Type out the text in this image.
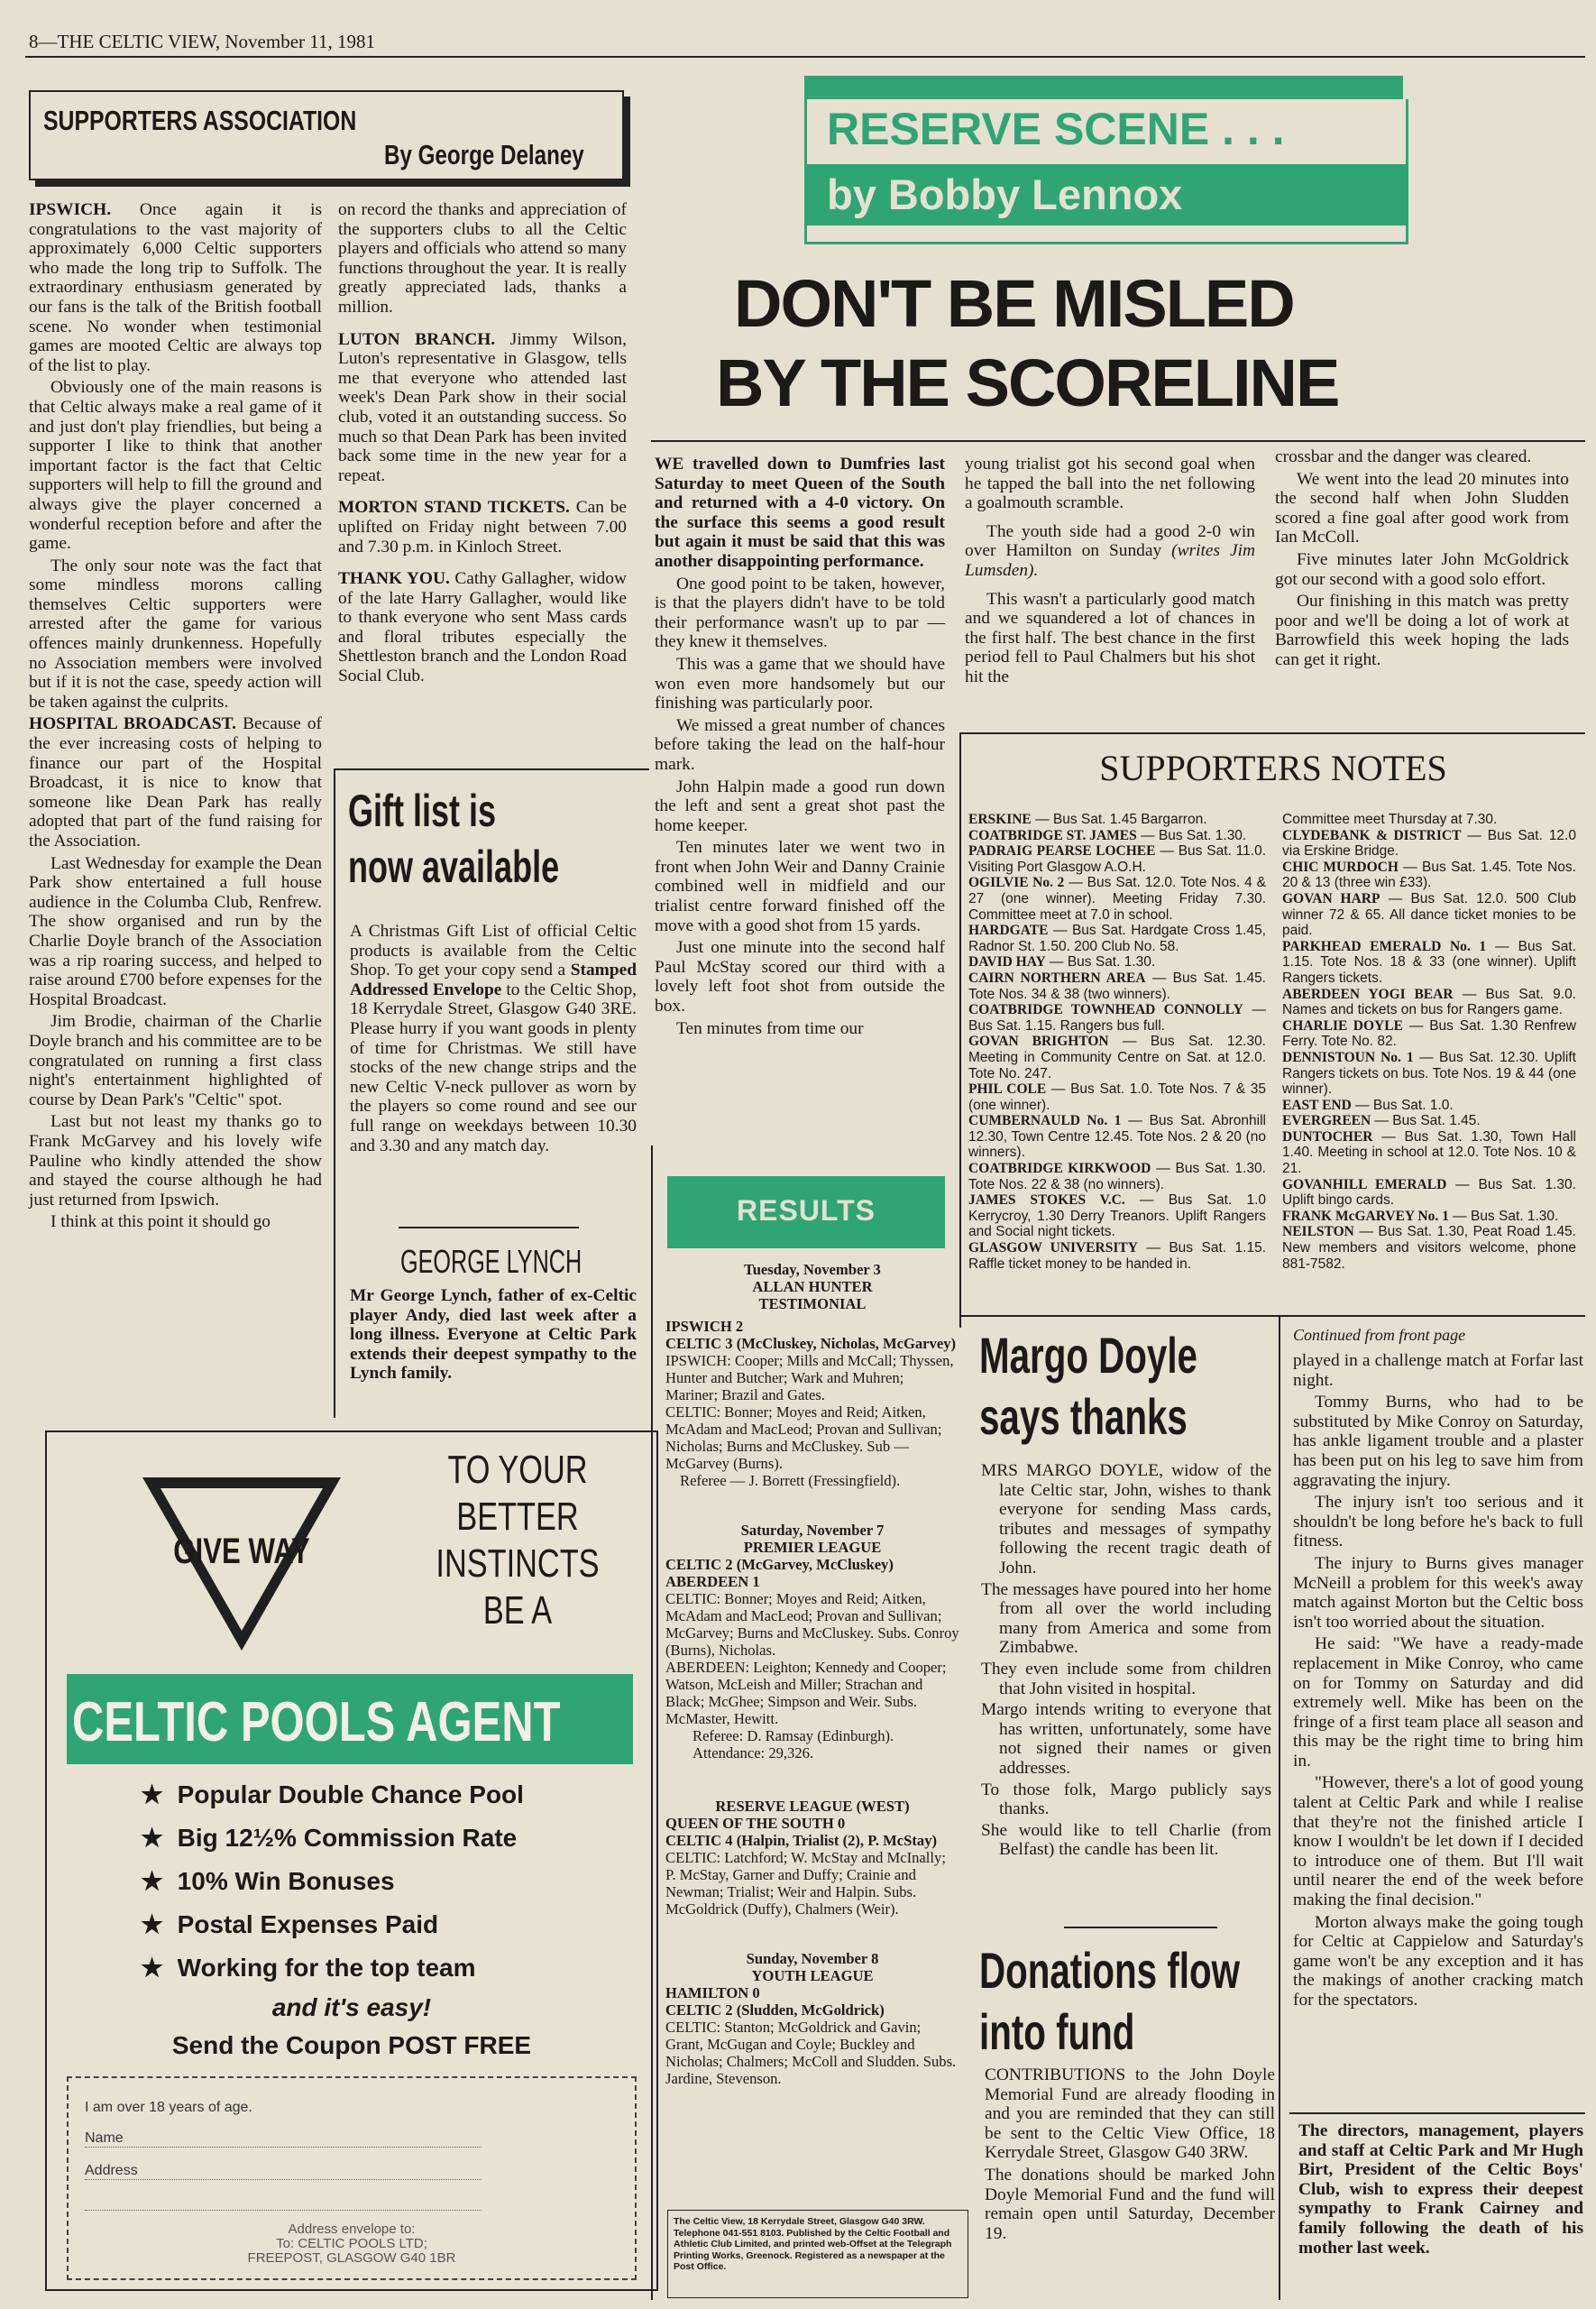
8—THE CELTIC VIEW, November 11, 1981
SUPPORTERS ASSOCIATION
By George Delaney

IPSWICH. Once again it is congratulations to the vast majority of approximately 6,000 Celtic supporters who made the long trip to Suffolk. The extraordinary enthusiasm generated by our fans is the talk of the British football scene. No wonder when testimonial games are mooted Celtic are always top of the list to play.

Obviously one of the main reasons is that Celtic always make a real game of it and just don't play friendlies, but being a supporter I like to think that another important factor is the fact that Celtic supporters will help to fill the ground and always give the player concerned a wonderful reception before and after the game.

The only sour note was the fact that some mindless morons calling themselves Celtic supporters were arrested after the game for various offences mainly drunkenness. Hopefully no Association members were involved but if it is not the case, speedy action will be taken against the culprits.

HOSPITAL BROADCAST. Because of the ever increasing costs of helping to finance our part of the Hospital Broadcast, it is nice to know that someone like Dean Park has really adopted that part of the fund raising for the Association.

Last Wednesday for example the Dean Park show entertained a full house audience in the Columba Club, Renfrew. The show organised and run by the Charlie Doyle branch of the Association was a rip roaring success, and helped to raise around £700 before expenses for the Hospital Broadcast.

Jim Brodie, chairman of the Charlie Doyle branch and his committee are to be congratulated on running a first class night's entertainment highlighted of course by Dean Park's "Celtic" spot.

Last but not least my thanks go to Frank McGarvey and his lovely wife Pauline who kindly attended the show and stayed the course although he had just returned from Ipswich.

I think at this point it should go

on record the thanks and appreciation of the supporters clubs to all the Celtic players and officials who attend so many functions throughout the year. It is really greatly appreciated lads, thanks a million.

LUTON BRANCH. Jimmy Wilson, Luton's representative in Glasgow, tells me that everyone who attended last week's Dean Park show in their social club, voted it an outstanding success. So much so that Dean Park has been invited back some time in the new year for a repeat.

MORTON STAND TICKETS. Can be uplifted on Friday night between 7.00 and 7.30 p.m. in Kinloch Street.

THANK YOU. Cathy Gallagher, widow of the late Harry Gallagher, would like to thank everyone who sent Mass cards and floral tributes especially the Shettleston branch and the London Road Social Club.

Gift list is
now available

A Christmas Gift List of official Celtic products is available from the Celtic Shop. To get your copy send a Stamped Addressed Envelope to the Celtic Shop, 18 Kerrydale Street, Glasgow G40 3RE. Please hurry if you want goods in plenty of time for Christmas. We still have stocks of the new change strips and the new Celtic V-neck pullover as worn by the players so come round and see our full range on weekdays between 10.30 and 3.30 and any match day.

GEORGE LYNCH

Mr George Lynch, father of ex-Celtic player Andy, died last week after a long illness. Everyone at Celtic Park extends their deepest sympathy to the Lynch family.

GIVE WAY
TO YOUR
BETTER
INSTINCTS
BE A
CELTIC POOLS AGENT
★ Popular Double Chance Pool
★ Big 12½% Commission Rate
★ 10% Win Bonuses
★ Postal Expenses Paid
★ Working for the top team
and it's easy!
Send the Coupon POST FREE
I am over 18 years of age.
Name
Address
Address envelope to:
To: CELTIC POOLS LTD;
FREEPOST, GLASGOW G40 1BR
RESERVE SCENE . . .
by Bobby Lennox
DON'T BE MISLED
BY THE SCORELINE

WE travelled down to Dumfries last Saturday to meet Queen of the South and returned with a 4-0 victory. On the surface this seems a good result but again it must be said that this was another disappointing performance.

One good point to be taken, however, is that the players didn't have to be told their performance wasn't up to par — they knew it themselves.

This was a game that we should have won even more handsomely but our finishing was particularly poor.

We missed a great number of chances before taking the lead on the half-hour mark.

John Halpin made a good run down the left and sent a great shot past the home keeper.

Ten minutes later we went two in front when John Weir and Danny Crainie combined well in midfield and our trialist centre forward finished off the move with a good shot from 15 yards.

Just one minute into the second half Paul McStay scored our third with a lovely left foot shot from outside the box.

Ten minutes from time our

young trialist got his second goal when he tapped the ball into the net following a goalmouth scramble.

The youth side had a good 2-0 win over Hamilton on Sunday (writes Jim Lumsden).

This wasn't a particularly good match and we squandered a lot of chances in the first half. The best chance in the first period fell to Paul Chalmers but his shot hit the

crossbar and the danger was cleared.

We went into the lead 20 minutes into the second half when John Sludden scored a fine goal after good work from Ian McColl.

Five minutes later John McGoldrick got our second with a good solo effort.

Our finishing in this match was pretty poor and we'll be doing a lot of work at Barrowfield this week hoping the lads can get it right.

RESULTS
Tuesday, November 3
ALLAN HUNTER
TESTIMONIAL
IPSWICH 2
CELTIC 3 (McCluskey, Nicholas, McGarvey)
IPSWICH: Cooper; Mills and McCall; Thyssen, Hunter and Butcher; Wark and Muhren; Mariner; Brazil and Gates.
CELTIC: Bonner; Moyes and Reid; Aitken, McAdam and MacLeod; Provan and Sullivan; Nicholas; Burns and McCluskey. Sub — McGarvey (Burns).
Referee — J. Borrett (Fressingfield).
Saturday, November 7
PREMIER LEAGUE
CELTIC 2 (McGarvey, McCluskey)
ABERDEEN 1
CELTIC: Bonner; Moyes and Reid; Aitken, McAdam and MacLeod; Provan and Sullivan; McGarvey; Burns and McCluskey. Subs. Conroy (Burns), Nicholas.
ABERDEEN: Leighton; Kennedy and Cooper; Watson, McLeish and Miller; Strachan and Black; McGhee; Simpson and Weir. Subs. McMaster, Hewitt.
Referee: D. Ramsay (Edinburgh).
Attendance: 29,326.
RESERVE LEAGUE (WEST)
QUEEN OF THE SOUTH 0
CELTIC 4 (Halpin, Trialist (2), P. McStay)
CELTIC: Latchford; W. McStay and McInally; P. McStay, Garner and Duffy; Crainie and Newman; Trialist; Weir and Halpin. Subs. McGoldrick (Duffy), Chalmers (Weir).
Sunday, November 8
YOUTH LEAGUE
HAMILTON 0
CELTIC 2 (Sludden, McGoldrick)
CELTIC: Stanton; McGoldrick and Gavin; Grant, McGugan and Coyle; Buckley and Nicholas; Chalmers; McColl and Sludden. Subs. Jardine, Stevenson.
The Celtic View, 18 Kerrydale Street, Glasgow G40 3RW. Telephone 041-551 8103. Published by the Celtic Football and Athletic Club Limited, and printed web-Offset at the Telegraph Printing Works, Greenock. Registered as a newspaper at the Post Office.
SUPPORTERS NOTES

ERSKINE — Bus Sat. 1.45 Bargarron.

COATBRIDGE ST. JAMES — Bus Sat. 1.30.

PADRAIG PEARSE LOCHEE — Bus Sat. 11.0. Visiting Port Glasgow A.O.H.

OGILVIE No. 2 — Bus Sat. 12.0. Tote Nos. 4 & 27 (one winner). Meeting Friday 7.30. Committee meet at 7.0 in school.

HARDGATE — Bus Sat. Hardgate Cross 1.45, Radnor St. 1.50. 200 Club No. 58.

DAVID HAY — Bus Sat. 1.30.

CAIRN NORTHERN AREA — Bus Sat. 1.45. Tote Nos. 34 & 38 (two winners).

COATBRIDGE TOWNHEAD CONNOLLY — Bus Sat. 1.15. Rangers bus full.

GOVAN BRIGHTON — Bus Sat. 12.30. Meeting in Community Centre on Sat. at 12.0. Tote No. 247.

PHIL COLE — Bus Sat. 1.0. Tote Nos. 7 & 35 (one winner).

CUMBERNAULD No. 1 — Bus Sat. Abronhill 12.30, Town Centre 12.45. Tote Nos. 2 & 20 (no winners).

COATBRIDGE KIRKWOOD — Bus Sat. 1.30. Tote Nos. 22 & 38 (no winners).

JAMES STOKES V.C. — Bus Sat. 1.0 Kerrycroy, 1.30 Derry Treanors. Uplift Rangers and Social night tickets.

GLASGOW UNIVERSITY — Bus Sat. 1.15. Raffle ticket money to be handed in.

Committee meet Thursday at 7.30.

CLYDEBANK & DISTRICT — Bus Sat. 12.0 via Erskine Bridge.

CHIC MURDOCH — Bus Sat. 1.45. Tote Nos. 20 & 13 (three win £33).

GOVAN HARP — Bus Sat. 12.0. 500 Club winner 72 & 65. All dance ticket monies to be paid.

PARKHEAD EMERALD No. 1 — Bus Sat. 1.15. Tote Nos. 18 & 33 (one winner). Uplift Rangers tickets.

ABERDEEN YOGI BEAR — Bus Sat. 9.0. Names and tickets on bus for Rangers game.

CHARLIE DOYLE — Bus Sat. 1.30 Renfrew Ferry. Tote No. 82.

DENNISTOUN No. 1 — Bus Sat. 12.30. Uplift Rangers tickets on bus. Tote Nos. 19 & 44 (one winner).

EAST END — Bus Sat. 1.0.

EVERGREEN — Bus Sat. 1.45.

DUNTOCHER — Bus Sat. 1.30, Town Hall 1.40. Meeting in school at 12.0. Tote Nos. 10 & 21.

GOVANHILL EMERALD — Bus Sat. 1.30. Uplift bingo cards.

FRANK McGARVEY No. 1 — Bus Sat. 1.30.

NEILSTON — Bus Sat. 1.30, Peat Road 1.45. New members and visitors welcome, phone 881-7582.

Margo Doyle
says thanks

MRS MARGO DOYLE, widow of the late Celtic star, John, wishes to thank everyone for sending Mass cards, tributes and messages of sympathy following the recent tragic death of John.

The messages have poured into her home from all over the world including many from America and some from Zimbabwe.

They even include some from children that John visited in hospital.

Margo intends writing to everyone that has written, unfortunately, some have not signed their names or given addresses.

To those folk, Margo publicly says thanks.

She would like to tell Charlie (from Belfast) the candle has been lit.

Donations flow
into fund

CONTRIBUTIONS to the John Doyle Memorial Fund are already flooding in and you are reminded that they can still be sent to the Celtic View Office, 18 Kerrydale Street, Glasgow G40 3RW.

The donations should be marked John Doyle Memorial Fund and the fund will remain open until Saturday, December 19.

Continued from front page

played in a challenge match at Forfar last night.

Tommy Burns, who had to be substituted by Mike Conroy on Saturday, has ankle ligament trouble and a plaster has been put on his leg to save him from aggravating the injury.

The injury isn't too serious and it shouldn't be long before he's back to full fitness.

The injury to Burns gives manager McNeill a problem for this week's away match against Morton but the Celtic boss isn't too worried about the situation.

He said: "We have a ready-made replacement in Mike Conroy, who came on for Tommy on Saturday and did extremely well. Mike has been on the fringe of a first team place all season and this may be the right time to bring him in.

"However, there's a lot of good young talent at Celtic Park and while I realise that they're not the finished article I know I wouldn't be let down if I decided to introduce one of them. But I'll wait until nearer the end of the week before making the final decision."

Morton always make the going tough for Celtic at Cappielow and Saturday's game won't be any exception and it has the makings of another cracking match for the spectators.

The directors, management, players and staff at Celtic Park and Mr Hugh Birt, President of the Celtic Boys' Club, wish to express their deepest sympathy to Frank Cairney and family following the death of his mother last week.
